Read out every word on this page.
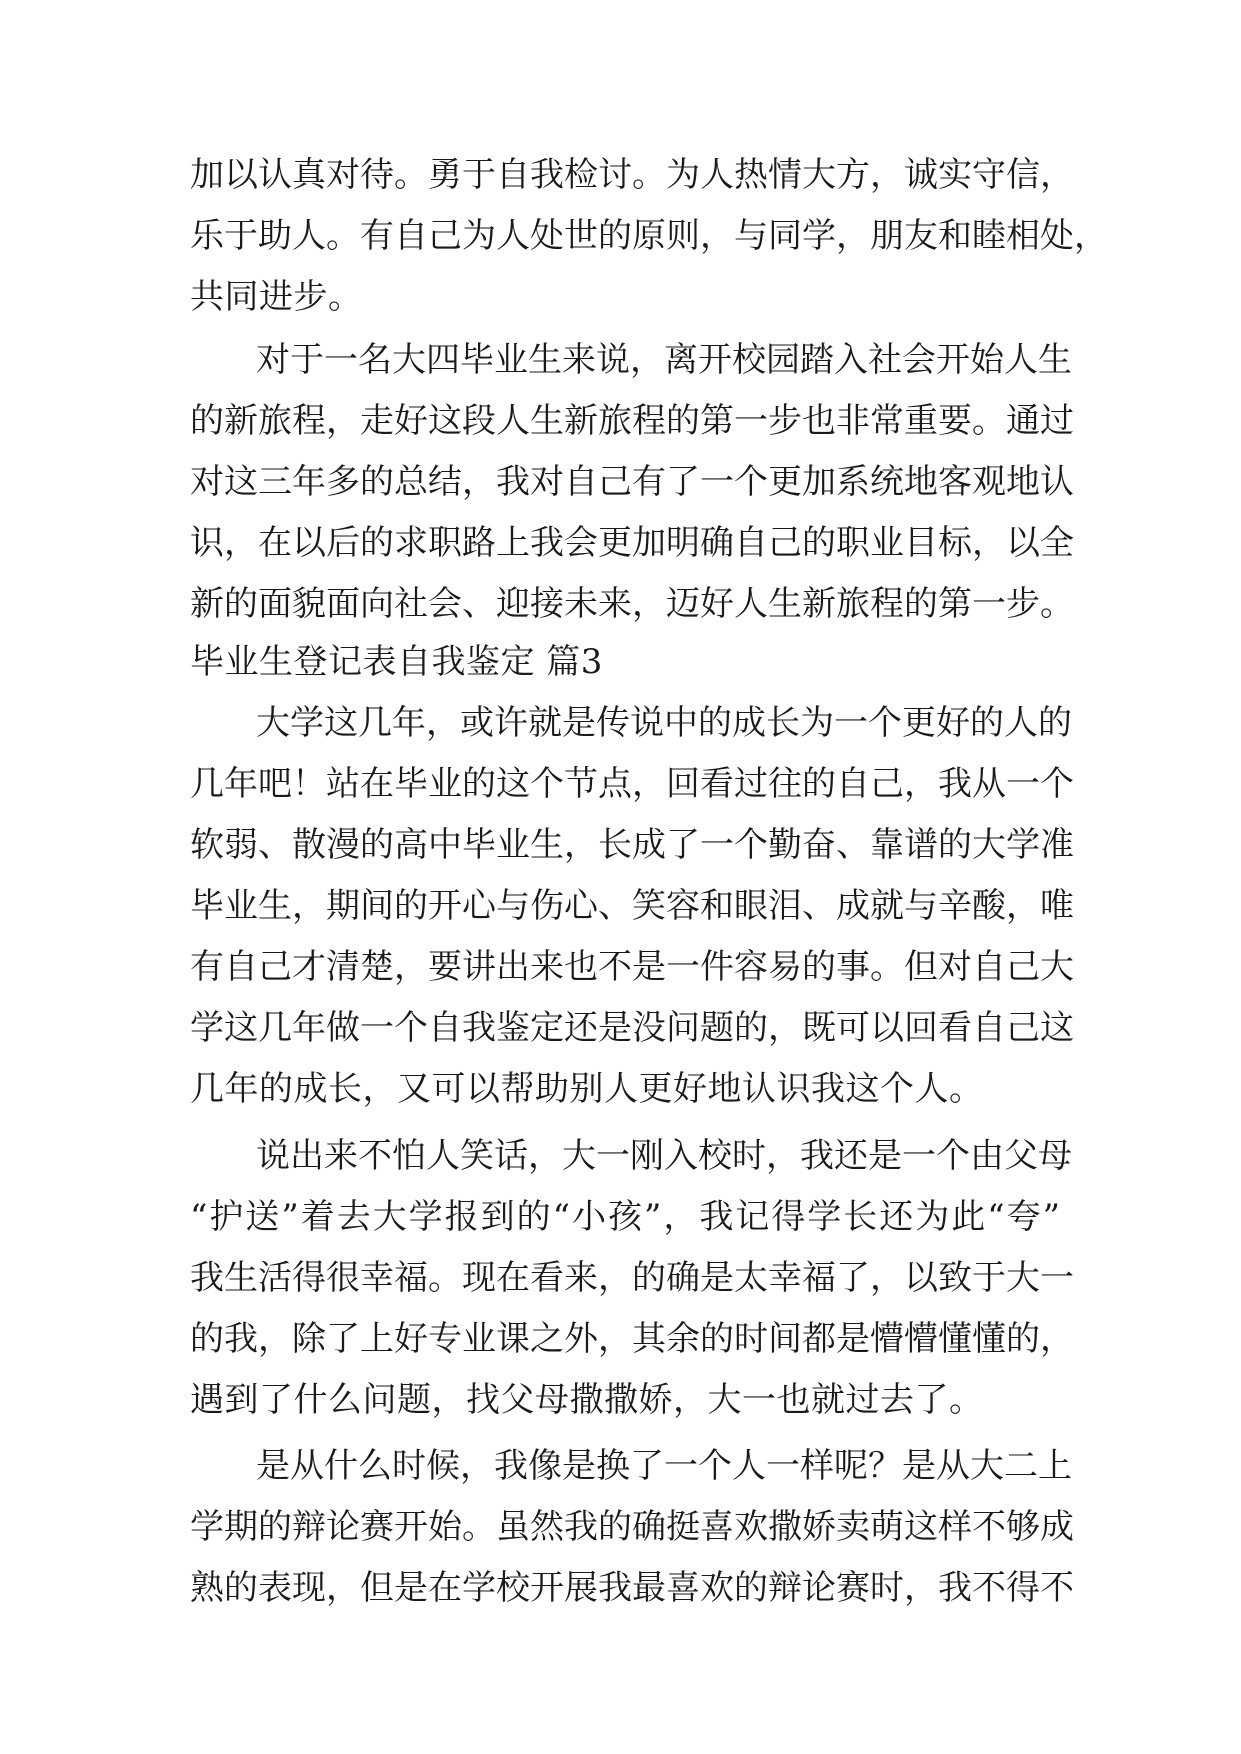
加以认真对待。勇于自我检讨。为人热情大方，诚实守信，
乐于助人。有自己为人处世的原则，与同学，朋友和睦相处，
共同进步。
对于一名大四毕业生来说，离开校园踏入社会开始人生
的新旅程，走好这段人生新旅程的第一步也非常重要。通过
对这三年多的总结，我对自己有了一个更加系统地客观地认
识，在以后的求职路上我会更加明确自己的职业目标，以全
新的面貌面向社会、迎接未来，迈好人生新旅程的第一步。
毕业生登记表自我鉴定 篇3
大学这几年，或许就是传说中的成长为一个更好的人的
几年吧！站在毕业的这个节点，回看过往的自己，我从一个
软弱、散漫的高中毕业生，长成了一个勤奋、靠谱的大学准
毕业生，期间的开心与伤心、笑容和眼泪、成就与辛酸，唯
有自己才清楚，要讲出来也不是一件容易的事。但对自己大
学这几年做一个自我鉴定还是没问题的，既可以回看自己这
几年的成长，又可以帮助别人更好地认识我这个人。
说出来不怕人笑话，大一刚入校时，我还是一个由父母
“护送”着去大学报到的“小孩”，我记得学长还为此“夸”
我生活得很幸福。现在看来，的确是太幸福了，以致于大一
的我，除了上好专业课之外，其余的时间都是懵懵懂懂的，
遇到了什么问题，找父母撒撒娇，大一也就过去了。
是从什么时候，我像是换了一个人一样呢？是从大二上
学期的辩论赛开始。虽然我的确挺喜欢撒娇卖萌这样不够成
熟的表现，但是在学校开展我最喜欢的辩论赛时，我不得不
